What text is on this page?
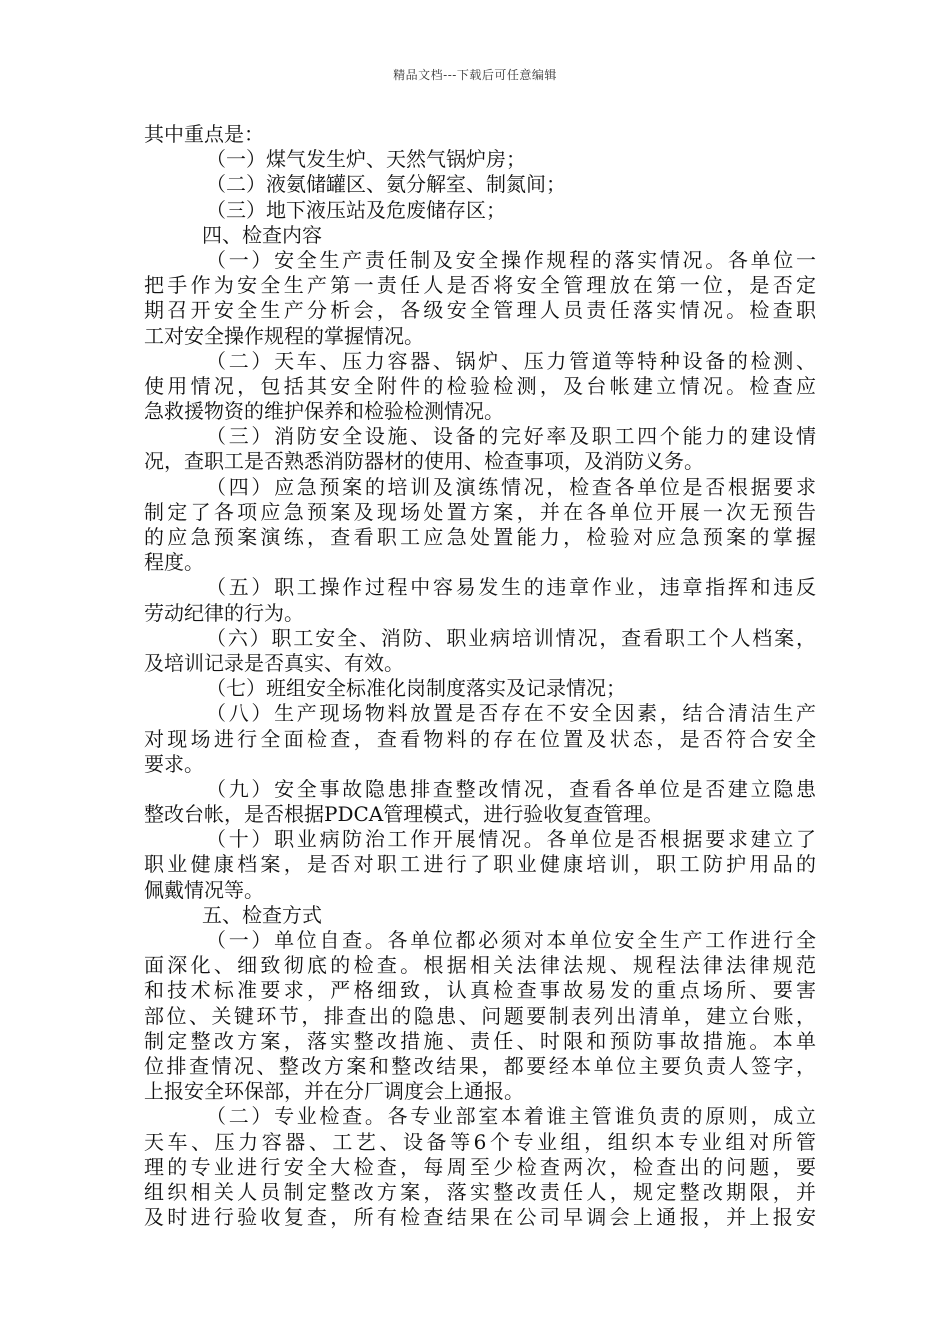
精品文档---下载后可任意编辑
其中重点是：
（一）煤气发生炉、天然气锅炉房；
（二）液氨储罐区、氨分解室、制氮间；
（三）地下液压站及危废储存区；
四、检查内容
（一）安全生产责任制及安全操作规程的落实情况。各单位一
把手作为安全生产第一责任人是否将安全管理放在第一位，是否定
期召开安全生产分析会，各级安全管理人员责任落实情况。检查职
工对安全操作规程的掌握情况。
（二）天车、压力容器、锅炉、压力管道等特种设备的检测、
使用情况，包括其安全附件的检验检测，及台帐建立情况。检查应
急救援物资的维护保养和检验检测情况。
（三）消防安全设施、设备的完好率及职工四个能力的建设情
况，查职工是否熟悉消防器材的使用、检查事项，及消防义务。
（四）应急预案的培训及演练情况，检查各单位是否根据要求
制定了各项应急预案及现场处置方案，并在各单位开展一次无预告
的应急预案演练，查看职工应急处置能力，检验对应急预案的掌握
程度。
（五）职工操作过程中容易发生的违章作业，违章指挥和违反
劳动纪律的行为。
（六）职工安全、消防、职业病培训情况，查看职工个人档案，
及培训记录是否真实、有效。
（七）班组安全标准化岗制度落实及记录情况；
（八）生产现场物料放置是否存在不安全因素，结合清洁生产
对现场进行全面检查，查看物料的存在位置及状态，是否符合安全
要求。
（九）安全事故隐患排查整改情况，查看各单位是否建立隐患
整改台帐，是否根据PDCA管理模式，进行验收复查管理。
（十）职业病防治工作开展情况。各单位是否根据要求建立了
职业健康档案，是否对职工进行了职业健康培训，职工防护用品的
佩戴情况等。
五、检查方式
（一）单位自查。各单位都必须对本单位安全生产工作进行全
面深化、细致彻底的检查。根据相关法律法规、规程法律法律规范
和技术标准要求，严格细致，认真检查事故易发的重点场所、要害
部位、关键环节，排查出的隐患、问题要制表列出清单，建立台账，
制定整改方案，落实整改措施、责任、时限和预防事故措施。本单
位排查情况、整改方案和整改结果，都要经本单位主要负责人签字，
上报安全环保部，并在分厂调度会上通报。
（二）专业检查。各专业部室本着谁主管谁负责的原则，成立
天车、压力容器、工艺、设备等6个专业组，组织本专业组对所管
理的专业进行安全大检查，每周至少检查两次，检查出的问题，要
组织相关人员制定整改方案，落实整改责任人，规定整改期限，并
及时进行验收复查，所有检查结果在公司早调会上通报，并上报安
